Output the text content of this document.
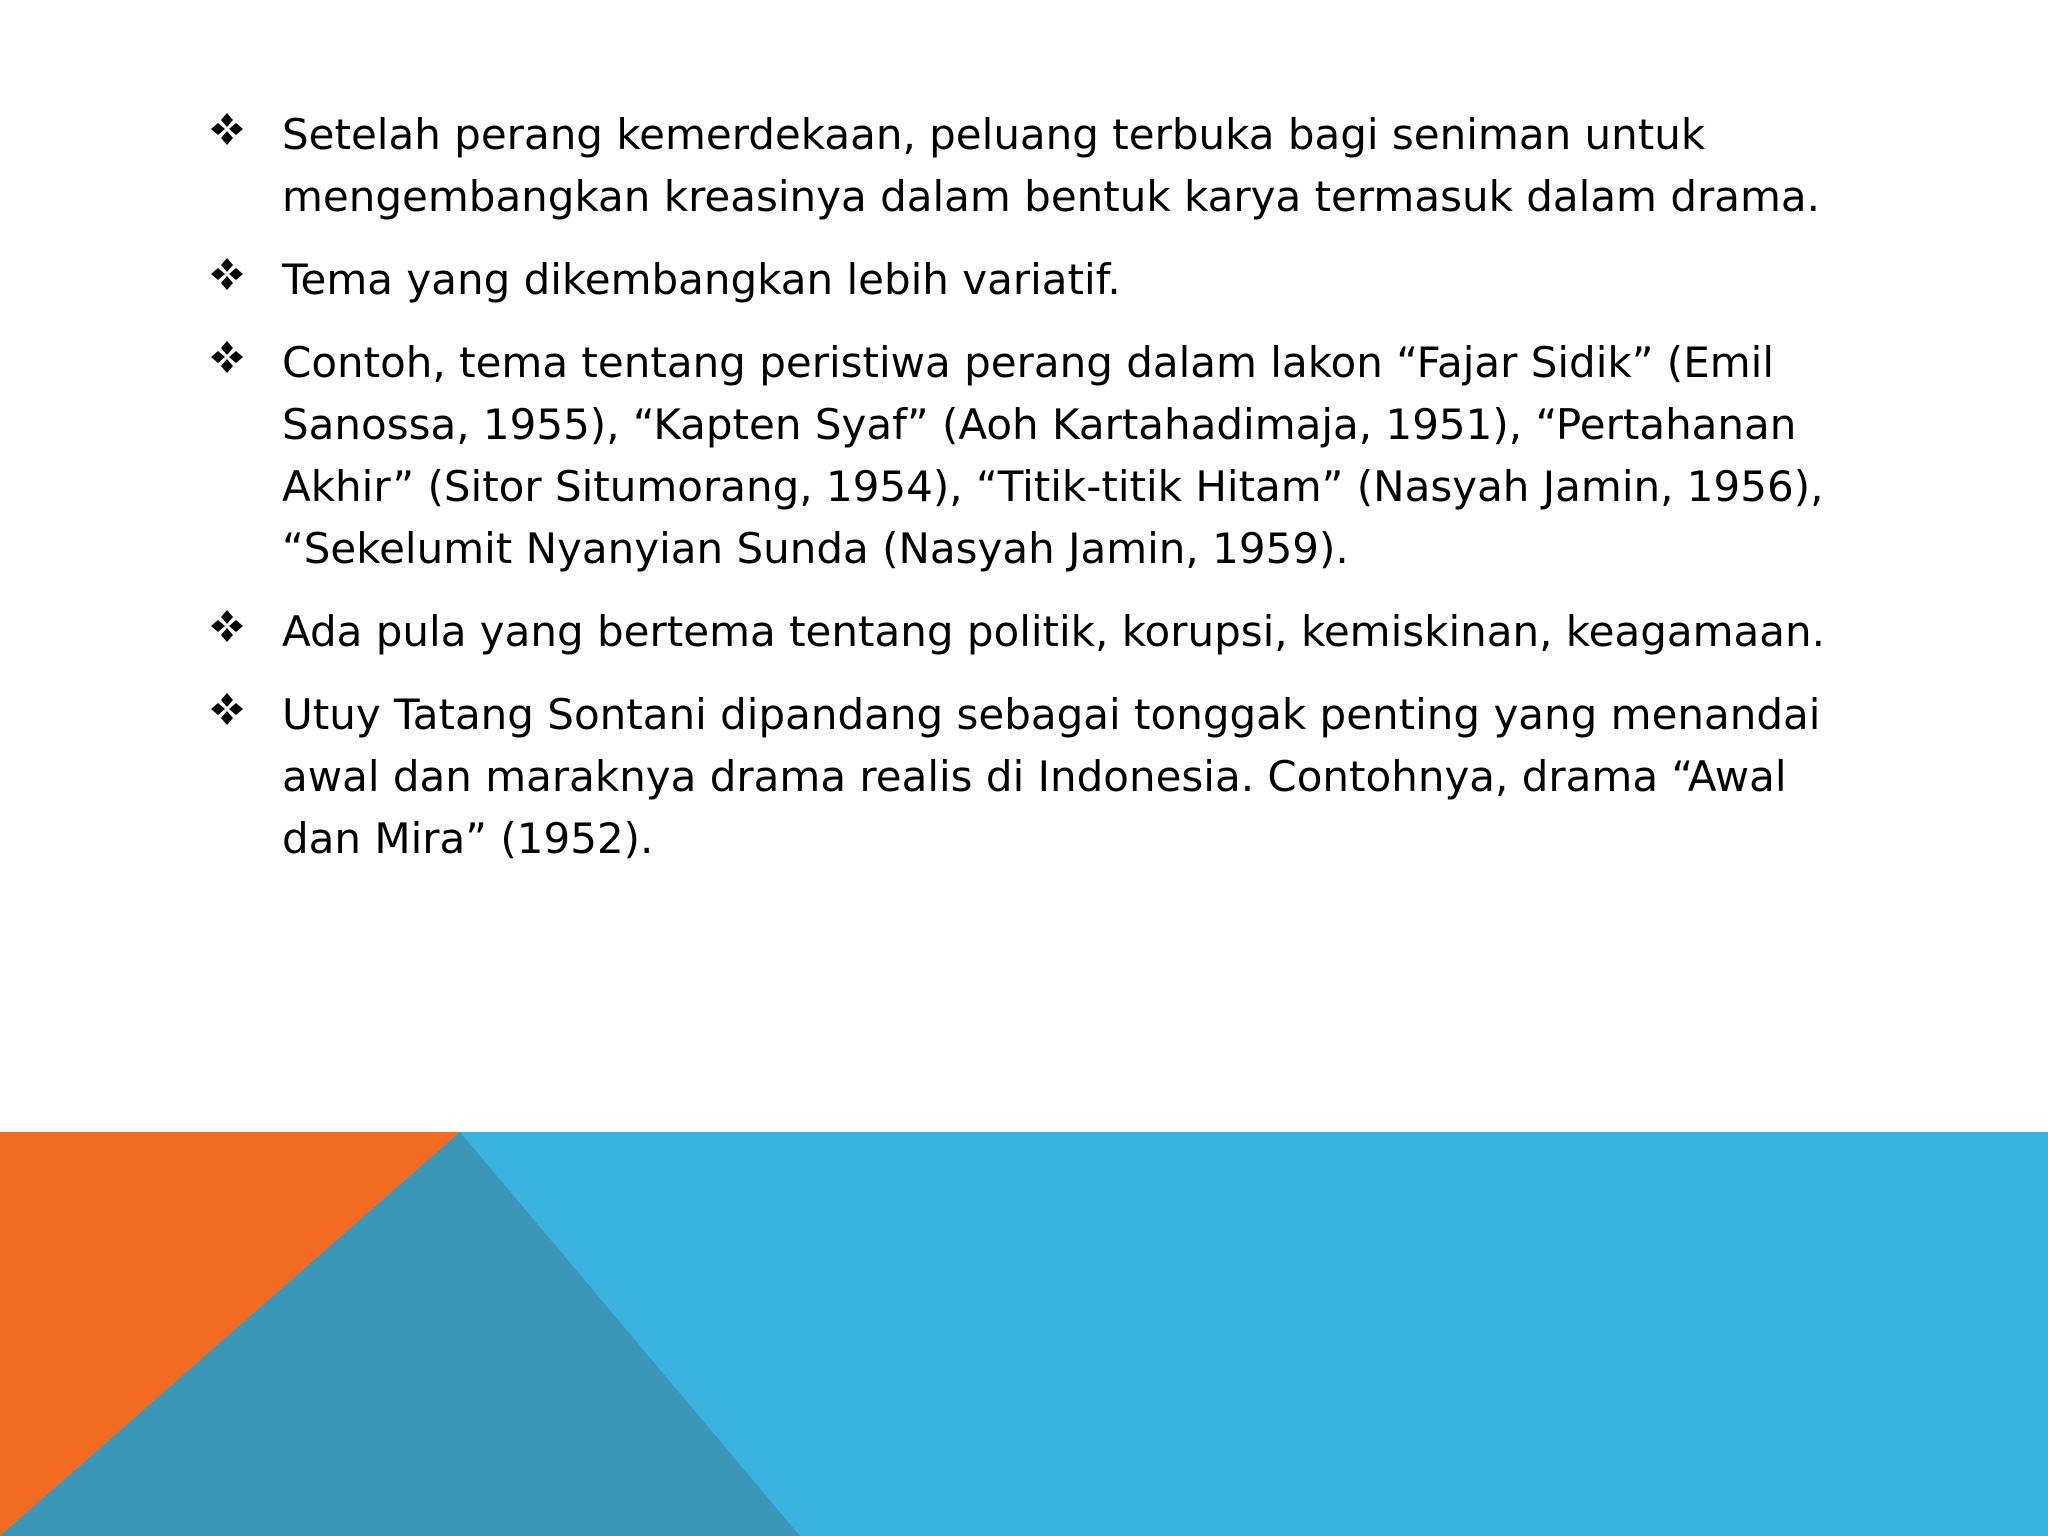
Setelah perang kemerdekaan, peluang terbuka bagi seniman untuk mengembangkan kreasinya dalam bentuk karya termasuk dalam drama.
Tema yang dikembangkan lebih variatif.
Contoh, tema tentang peristiwa perang dalam lakon “Fajar Sidik” (Emil Sanossa, 1955), “Kapten Syaf” (Aoh Kartahadimaja, 1951), “Pertahanan Akhir” (Sitor Situmorang, 1954), “Titik-titik Hitam” (Nasyah Jamin, 1956), “Sekelumit Nyanyian Sunda (Nasyah Jamin, 1959).
Ada pula yang bertema tentang politik, korupsi, kemiskinan, keagamaan.
Utuy Tatang Sontani dipandang sebagai tonggak penting yang menandai awal dan maraknya drama realis di Indonesia. Contohnya, drama “Awal dan Mira” (1952).
